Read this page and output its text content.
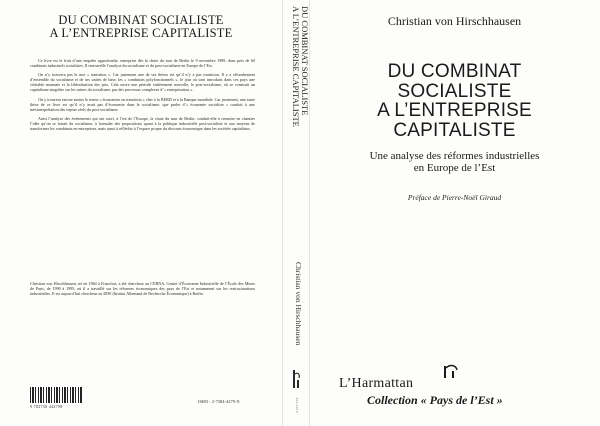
DU COMBINAT SOCIALISTE
A L’ENTREPRISE CAPITALISTE

Ce livre est le fruit d’une enquête approfondie, entreprise dès la chute du mur de Berlin le 9 novembre 1989, dans près de 60 combinats industriels socialistes. Il renouvelle l’analyse du socialisme et du post-socialisme en Europe de l’Est.

On n’y trouvera pas le mot « transition ». Car justement une de ses thèses est qu’il n’y a pas transition. Il y a effondrement d’ensemble du socialisme et de ses unités de base, les « combinats polyfonctionnels », le jour où sont introduits dans ces pays une véritable monnaie et la libéralisation des prix. Cela ouvre une période entièrement nouvelle, le post-socialisme, où se construit un capitalisme singulier sur les ruines du socialisme, par des processus complexes d’« entreprisation ».

On y trouvera encore moins le terme « économies en transition » cher à la BERD et à la Banque mondiale. Car justement, une autre thèse de ce livre est qu’il n’y avait pas d’économie dans le socialisme, que parler d’« économie socialiste » conduit à une mésinterprétation des enjeux réels du post-socialisme.

Ainsi l’analyse des événements qui ont suivi, à l’est de l’Europe, la chute du mur de Berlin, conduit-elle à remettre en chantier l’idée qu’on se faisait du socialisme, à formuler des propositions quant à la politique industrielle post-socialiste et aux moyens de transformer les combinats en entreprises, mais aussi à réfléchir à l’espace propre du discours économique dans les sociétés capitalistes.

Christian von Hirschhausen, né en 1964 à Francfort, a été chercheur au CERNA, Centre d’Économie Industrielle de l’École des Mines de Paris, de 1990 à 1995, où il a travaillé sur les réformes économiques des pays de l’Est et notamment sur les restructurations industrielles. Il est aujourd’hui chercheur au DIW (Institut Allemand de Recherche Économique) à Berlin.
9 782738 442798
ISBN : 2-7384-4279-X
DU COMBINAT SOCIALISTE
A L’ENTREPRISE CAPITALISTE
Christian von Hirschhausen
Prix 140 F
Christian von Hirschhausen
DU COMBINAT
SOCIALISTE
A L’ENTREPRISE
CAPITALISTE
Une analyse des réformes industrielles
en Europe de l’Est
Préface de Pierre-Noël Giraud
L’Harmattan
Collection « Pays de l’Est »
